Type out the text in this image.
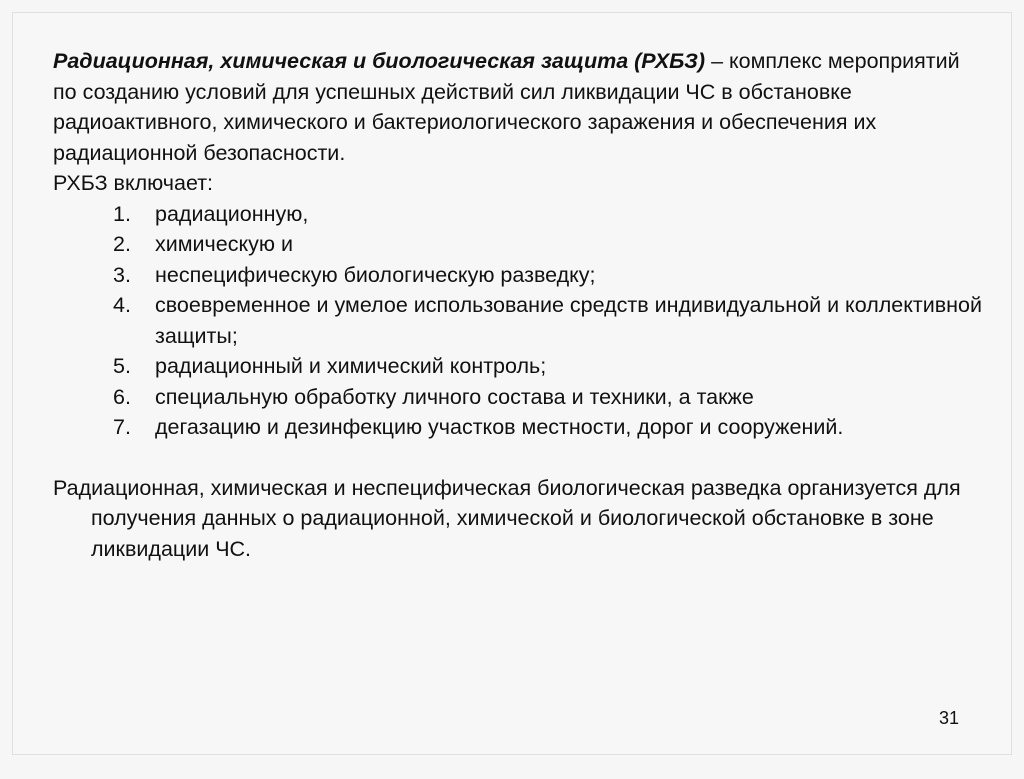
Радиационная, химическая и биологическая защита (РХБЗ) – комплекс мероприятий по созданию условий для успешных действий сил ликвидации ЧС в обстановке радиоактивного, химического и бактериологического заражения и обеспечения их радиационной безопасности.

РХБЗ включает:

1.	радиационную,
2.	химическую и
3.	неспецифическую биологическую разведку;
4.	своевременное и умелое использование средств индивидуальной и коллективной защиты;
5.	радиационный и химический контроль;
6.	специальную обработку личного состава и техники, а также
7.	дегазацию и дезинфекцию участков местности, дорог и сооружений.

Радиационная, химическая и неспецифическая биологическая разведка организуется для получения данных о радиационной, химической и биологической обстановке в зоне ликвидации ЧС.

31
